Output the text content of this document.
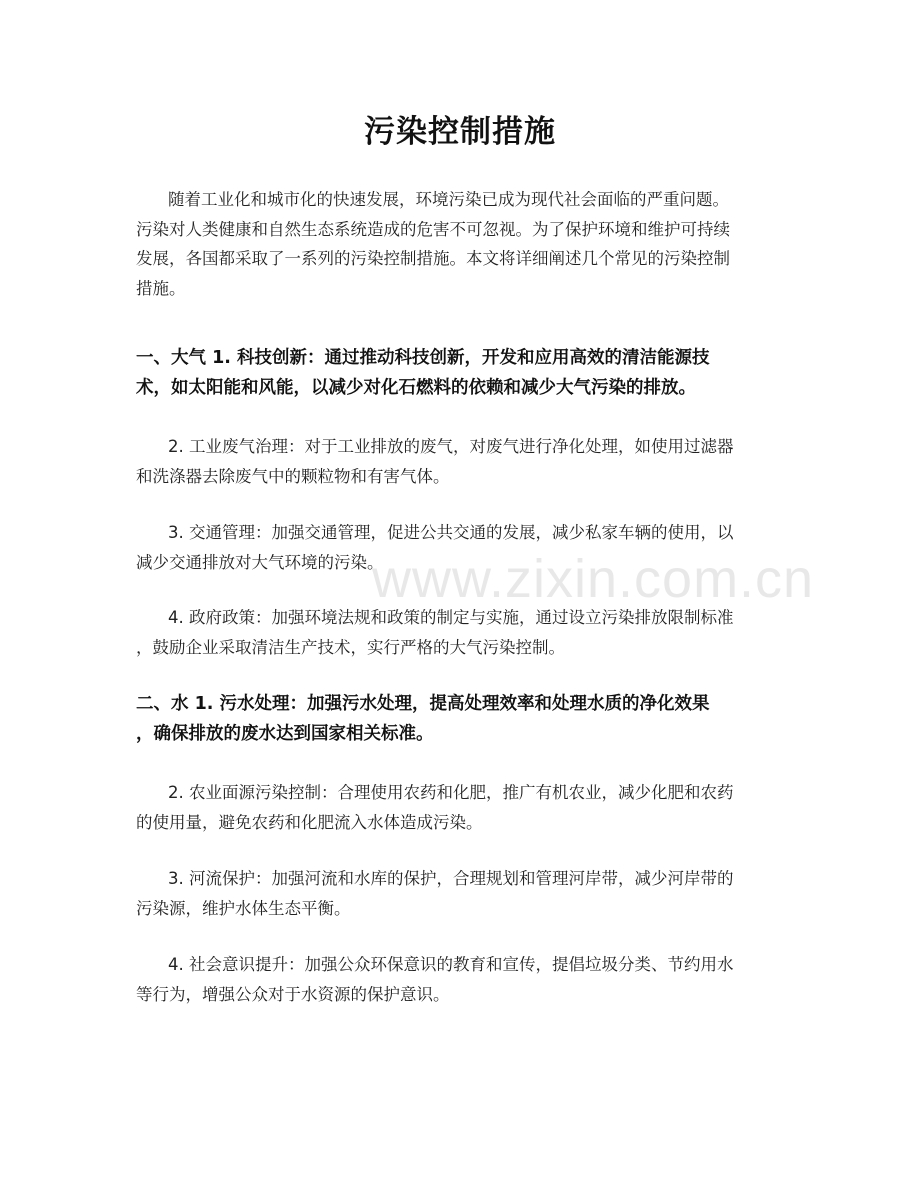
污染控制措施

随着工业化和城市化的快速发展，环境污染已成为现代社会面临的严重问题。
污染对人类健康和自然生态系统造成的危害不可忽视。为了保护环境和维护可持续
发展，各国都采取了一系列的污染控制措施。本文将详细阐述几个常见的污染控制
措施。

一、大气 1. 科技创新：通过推动科技创新，开发和应用高效的清洁能源技
术，如太阳能和风能，以减少对化石燃料的依赖和减少大气污染的排放。

2. 工业废气治理：对于工业排放的废气，对废气进行净化处理，如使用过滤器
和洗涤器去除废气中的颗粒物和有害气体。

3. 交通管理：加强交通管理，促进公共交通的发展，减少私家车辆的使用，以
减少交通排放对大气环境的污染。

4. 政府政策：加强环境法规和政策的制定与实施，通过设立污染排放限制标准
，鼓励企业采取清洁生产技术，实行严格的大气污染控制。

二、水 1. 污水处理：加强污水处理，提高处理效率和处理水质的净化效果
，确保排放的废水达到国家相关标准。

2. 农业面源污染控制：合理使用农药和化肥，推广有机农业，减少化肥和农药
的使用量，避免农药和化肥流入水体造成污染。

3. 河流保护：加强河流和水库的保护，合理规划和管理河岸带，减少河岸带的
污染源，维护水体生态平衡。

4. 社会意识提升：加强公众环保意识的教育和宣传，提倡垃圾分类、节约用水
等行为，增强公众对于水资源的保护意识。

www.zixin.com.cn
